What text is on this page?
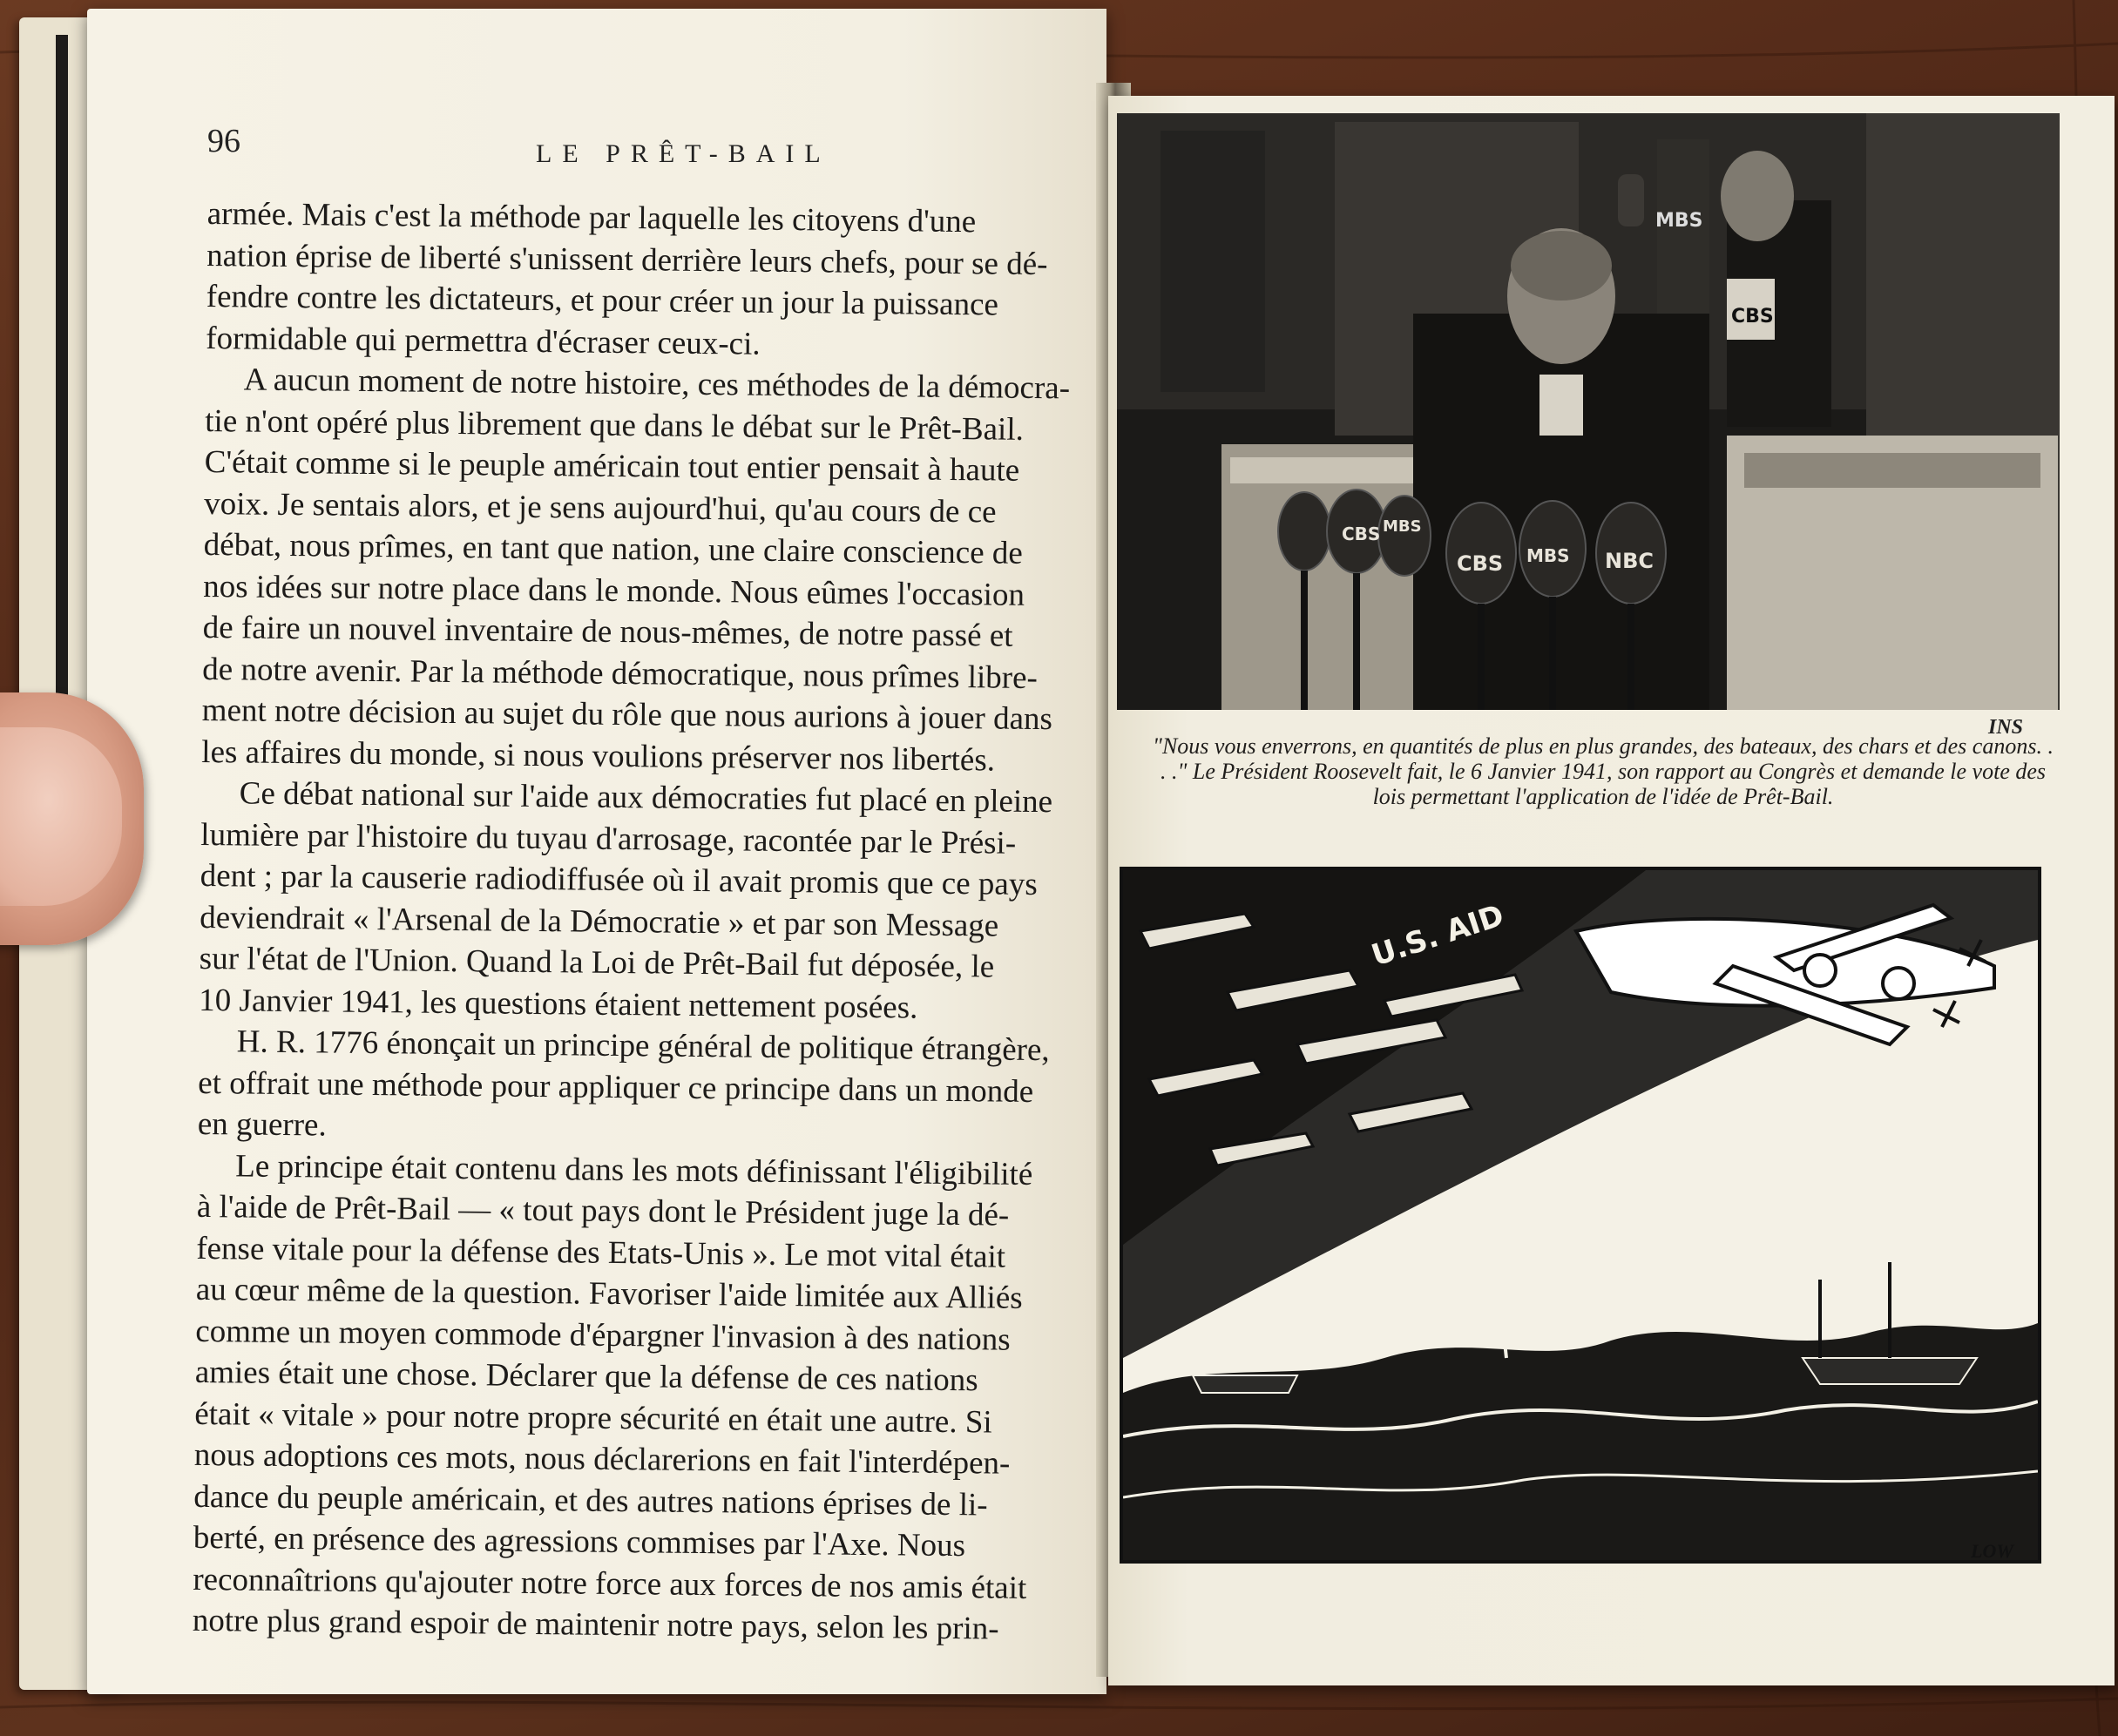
96	LE PRÊT-BAIL
armée. Mais c'est la méthode par laquelle les citoyens d'une
nation éprise de liberté s'unissent derrière leurs chefs, pour se dé-
fendre contre les dictateurs, et pour créer un jour la puissance
formidable qui permettra d'écraser ceux-ci.
A aucun moment de notre histoire, ces méthodes de la démocra-
tie n'ont opéré plus librement que dans le débat sur le Prêt-Bail.
C'était comme si le peuple américain tout entier pensait à haute
voix. Je sentais alors, et je sens aujourd'hui, qu'au cours de ce
débat, nous prîmes, en tant que nation, une claire conscience de
nos idées sur notre place dans le monde. Nous eûmes l'occasion
de faire un nouvel inventaire de nous-mêmes, de notre passé et
de notre avenir. Par la méthode démocratique, nous prîmes libre-
ment notre décision au sujet du rôle que nous aurions à jouer dans
les affaires du monde, si nous voulions préserver nos libertés.
Ce débat national sur l'aide aux démocraties fut placé en pleine
lumière par l'histoire du tuyau d'arrosage, racontée par le Prési-
dent ; par la causerie radiodiffusée où il avait promis que ce pays
deviendrait « l'Arsenal de la Démocratie » et par son Message
sur l'état de l'Union. Quand la Loi de Prêt-Bail fut déposée, le
10 Janvier 1941, les questions étaient nettement posées.
H. R. 1776 énonçait un principe général de politique étrangère,
et offrait une méthode pour appliquer ce principe dans un monde
en guerre.
Le principe était contenu dans les mots définissant l'éligibilité
à l'aide de Prêt-Bail — « tout pays dont le Président juge la dé-
fense vitale pour la défense des Etats-Unis ». Le mot vital était
au cœur même de la question. Favoriser l'aide limitée aux Alliés
comme un moyen commode d'épargner l'invasion à des nations
amies était une chose. Déclarer que la défense de ces nations
était « vitale » pour notre propre sécurité en était une autre. Si
nous adoptions ces mots, nous déclarerions en fait l'interdépen-
dance du peuple américain, et des autres nations éprises de li-
berté, en présence des agressions commises par l'Axe. Nous
reconnaîtrions qu'ajouter notre force aux forces de nos amis était
notre plus grand espoir de maintenir notre pays, selon les prin-
CBS
MBS
CBS MBS
CBS MBS NBC
INS
"Nous vous enverrons, en quantités de plus en plus grandes, des bateaux, des chars et des canons. . . ." Le Président Roosevelt fait, le 6 Janvier 1941, son rapport au Congrès et demande le vote des lois permettant l'application de l'idée de Prêt-Bail.
U.S. AID
LOW
